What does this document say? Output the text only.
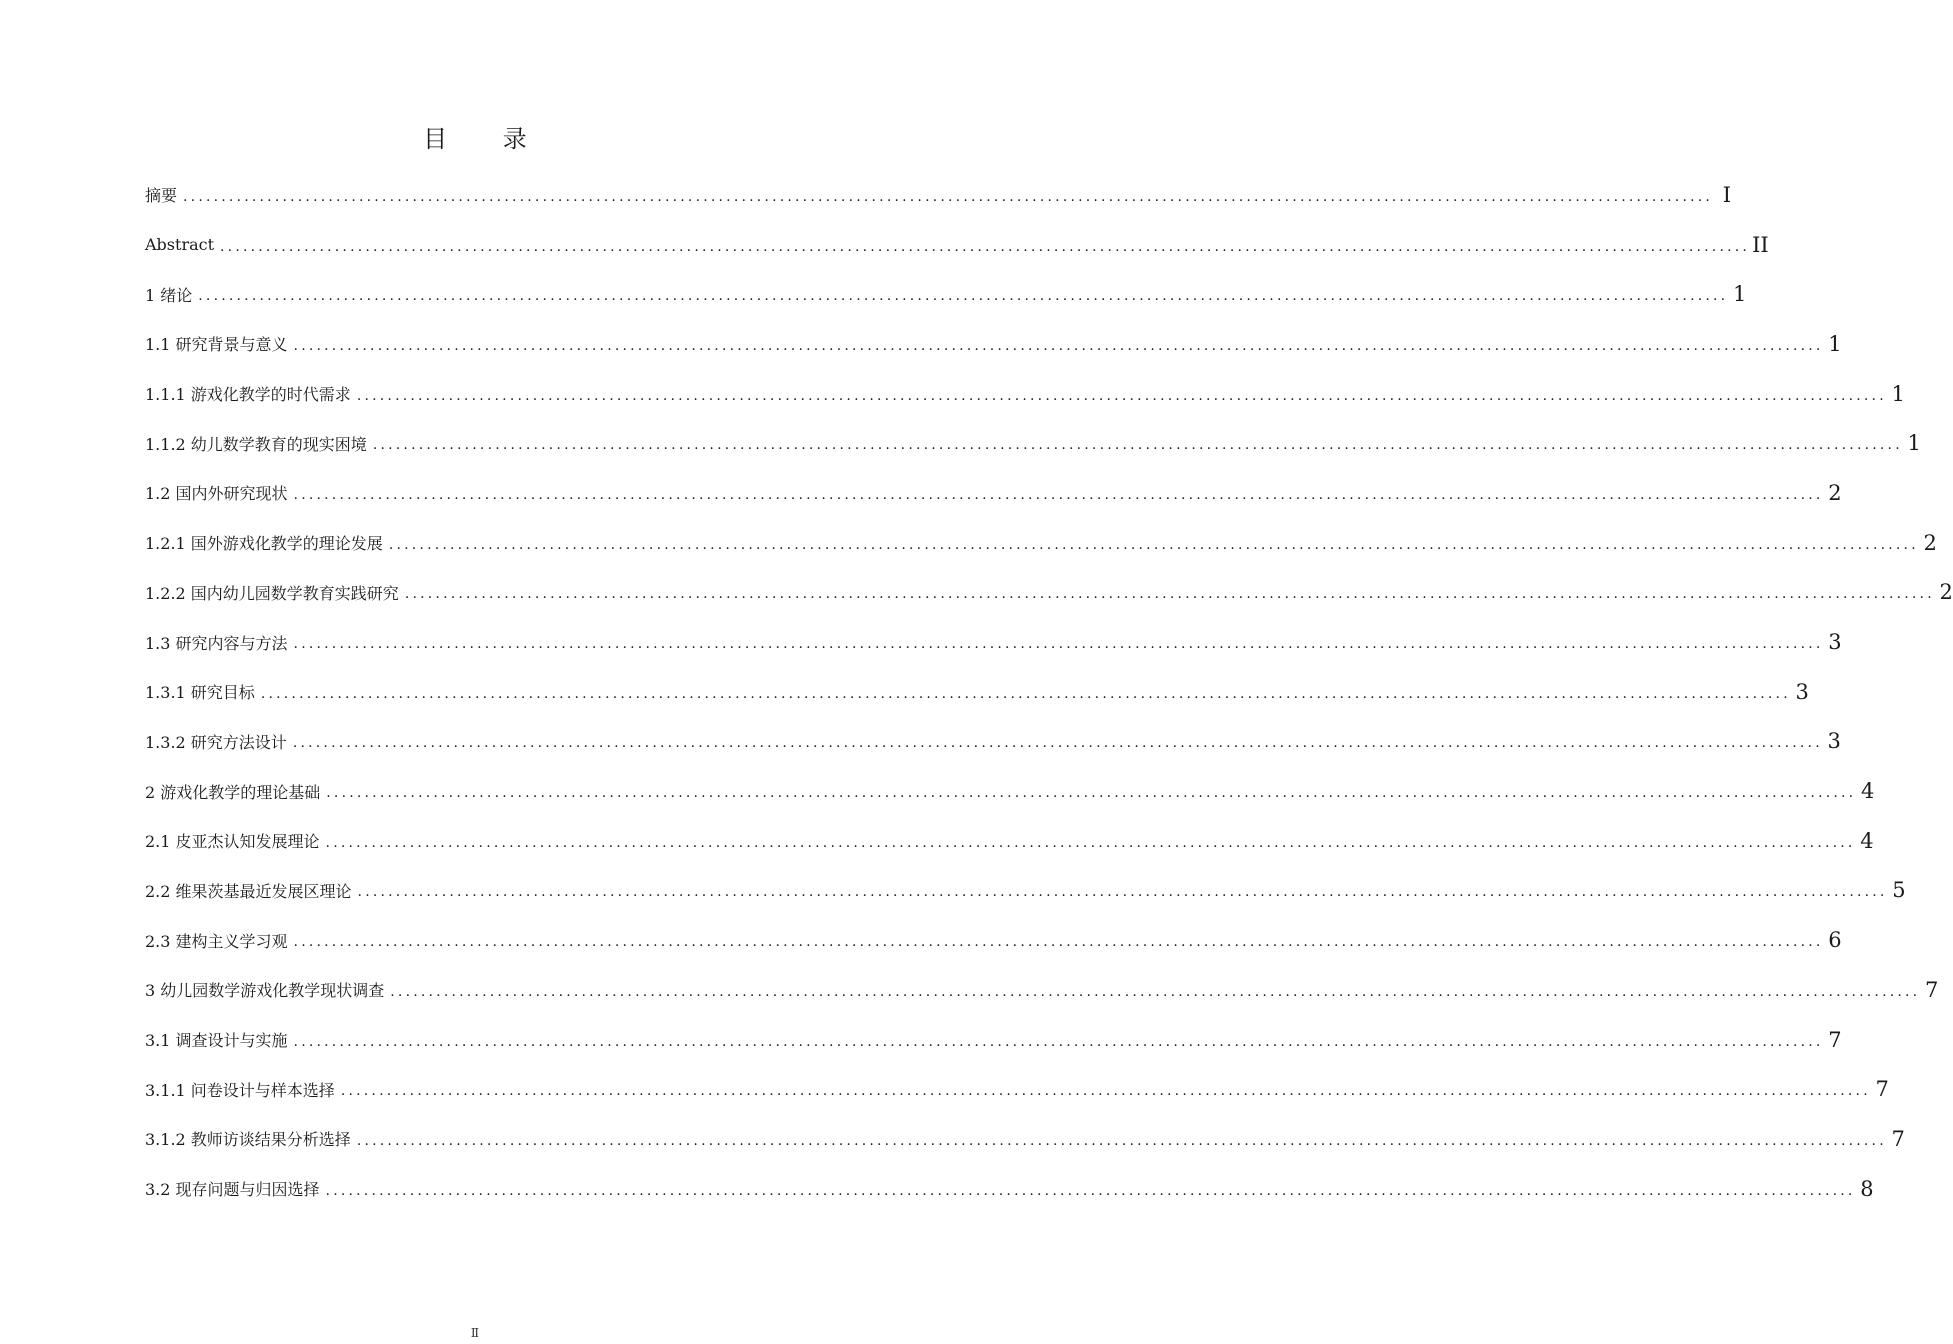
目 录
摘要 ........................................................................................................................................................................................................ Ⅰ
Abstract ........................................................................................................................................................................................................ II
1 绪论 ........................................................................................................................................................................................................ 1
1.1 研究背景与意义 ........................................................................................................................................................................................................ 1
1.1.1 游戏化教学的时代需求 ........................................................................................................................................................................................................ 1
1.1.2 幼儿数学教育的现实困境 ........................................................................................................................................................................................................ 1
1.2 国内外研究现状 ........................................................................................................................................................................................................ 2
1.2.1 国外游戏化教学的理论发展 ........................................................................................................................................................................................................ 2
1.2.2 国内幼儿园数学教育实践研究 ........................................................................................................................................................................................................ 2
1.3 研究内容与方法 ........................................................................................................................................................................................................ 3
1.3.1 研究目标 ........................................................................................................................................................................................................ 3
1.3.2 研究方法设计 ........................................................................................................................................................................................................ 3
2 游戏化教学的理论基础 ........................................................................................................................................................................................................ 4
2.1 皮亚杰认知发展理论 ........................................................................................................................................................................................................ 4
2.2 维果茨基最近发展区理论 ........................................................................................................................................................................................................ 5
2.3 建构主义学习观 ........................................................................................................................................................................................................ 6
3 幼儿园数学游戏化教学现状调查 ........................................................................................................................................................................................................ 7
3.1 调查设计与实施 ........................................................................................................................................................................................................ 7
3.1.1 问卷设计与样本选择 ........................................................................................................................................................................................................ 7
3.1.2 教师访谈结果分析选择 ........................................................................................................................................................................................................ 7
3.2 现存问题与归因选择 ........................................................................................................................................................................................................ 8
Ⅱ
